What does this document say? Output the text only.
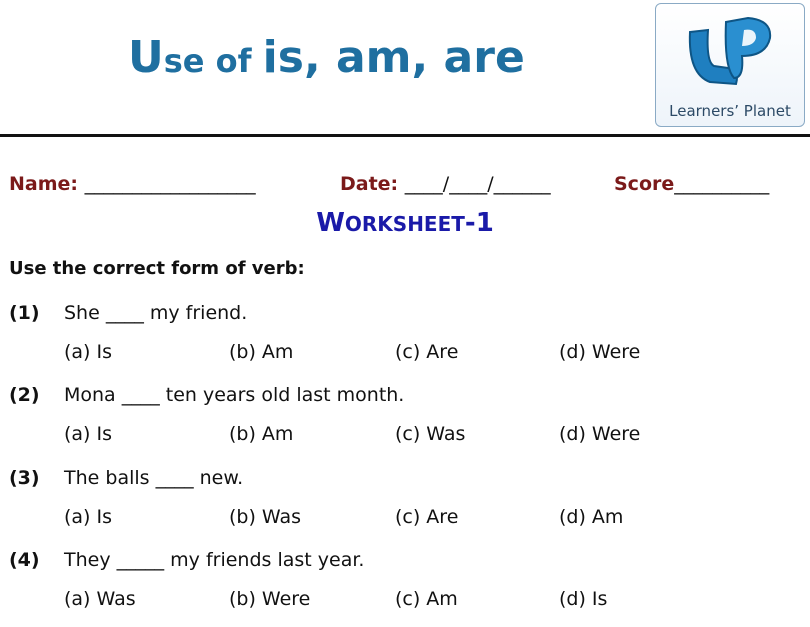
Use of is, am, are
Learners’ Planet
Name: __________________	Date: ____/____/______	Score__________
WORKSHEET-1
Use the correct form of verb:
(1) She ____ my friend.
(a) Is	(b) Am	(c) Are	(d) Were
(2) Mona ____ ten years old last month.
(a) Is	(b) Am	(c) Was	(d) Were
(3) The balls ____ new.
(a) Is	(b) Was	(c) Are	(d) Am
(4) They _____ my friends last year.
(a) Was	(b) Were	(c) Am	(d) Is
